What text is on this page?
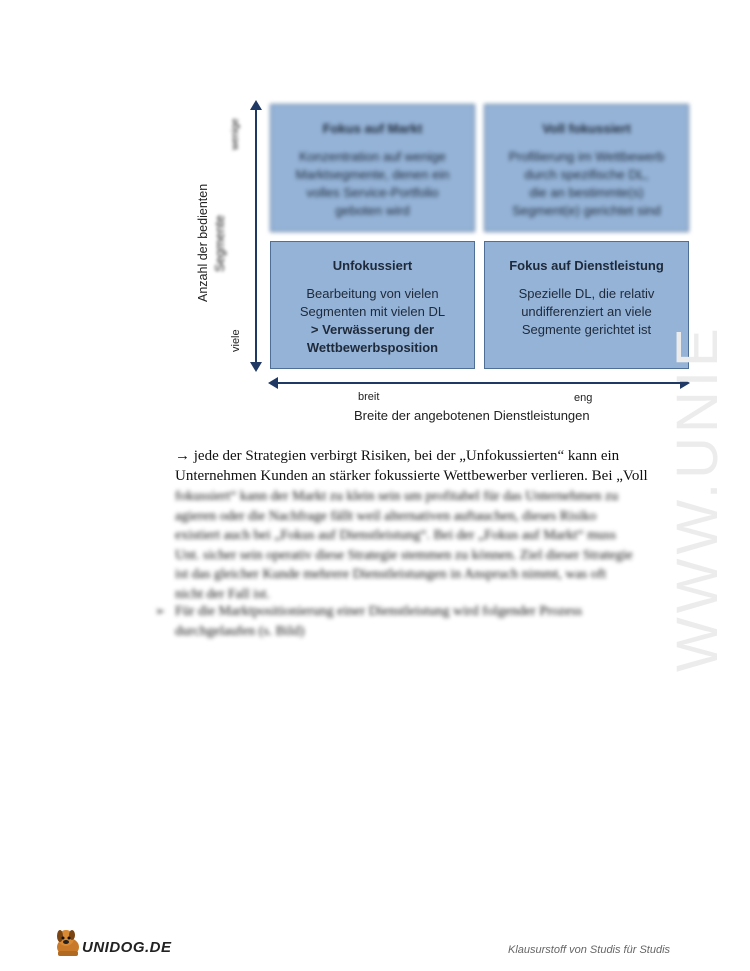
wenige
viele
Anzahl der bedienten Segmente
Fokus auf Markt
Konzentration auf wenige
Marktsegmente, denen ein
volles Service-Portfolio
geboten wird
Voll fokussiert
Profilierung im Wettbewerb
durch spezifische DL,
die an bestimmte(s)
Segment(e) gerichtet sind
Unfokussiert
Bearbeitung von vielen
Segmenten mit vielen DL
> Verwässerung der
Wettbewerbsposition
Fokus auf Dienstleistung
Spezielle DL, die relativ
undifferenziert an viele
Segmente gerichtet ist
breit	eng
Breite der angebotenen Dienstleistungen WWW.UNIE
→ jede der Strategien verbirgt Risiken, bei der „Unfokussierten“ kann ein
Unternehmen Kunden an stärker fokussierte Wettbewerber verlieren. Bei „Voll
fokussiert“ kann der Markt zu klein sein um profitabel für das Unternehmen zu
agieren oder die Nachfrage fällt weil alternativen auftauchen, dieses Risiko
existiert auch bei „Fokus auf Dienstleistung“. Bei der „Fokus auf Markt“ muss
Unt. sicher sein operativ diese Strategie stemmen zu können. Ziel dieser Strategie
ist das gleicher Kunde mehrere Dienstleistungen in Anspruch nimmt, was oft
nicht der Fall ist.
➢ Für die Marktpositionierung einer Dienstleistung wird folgender Prozess
durchgelaufen (s. Bild)
UNIDOG.DE	Klausurstoff von Studis für Studis
